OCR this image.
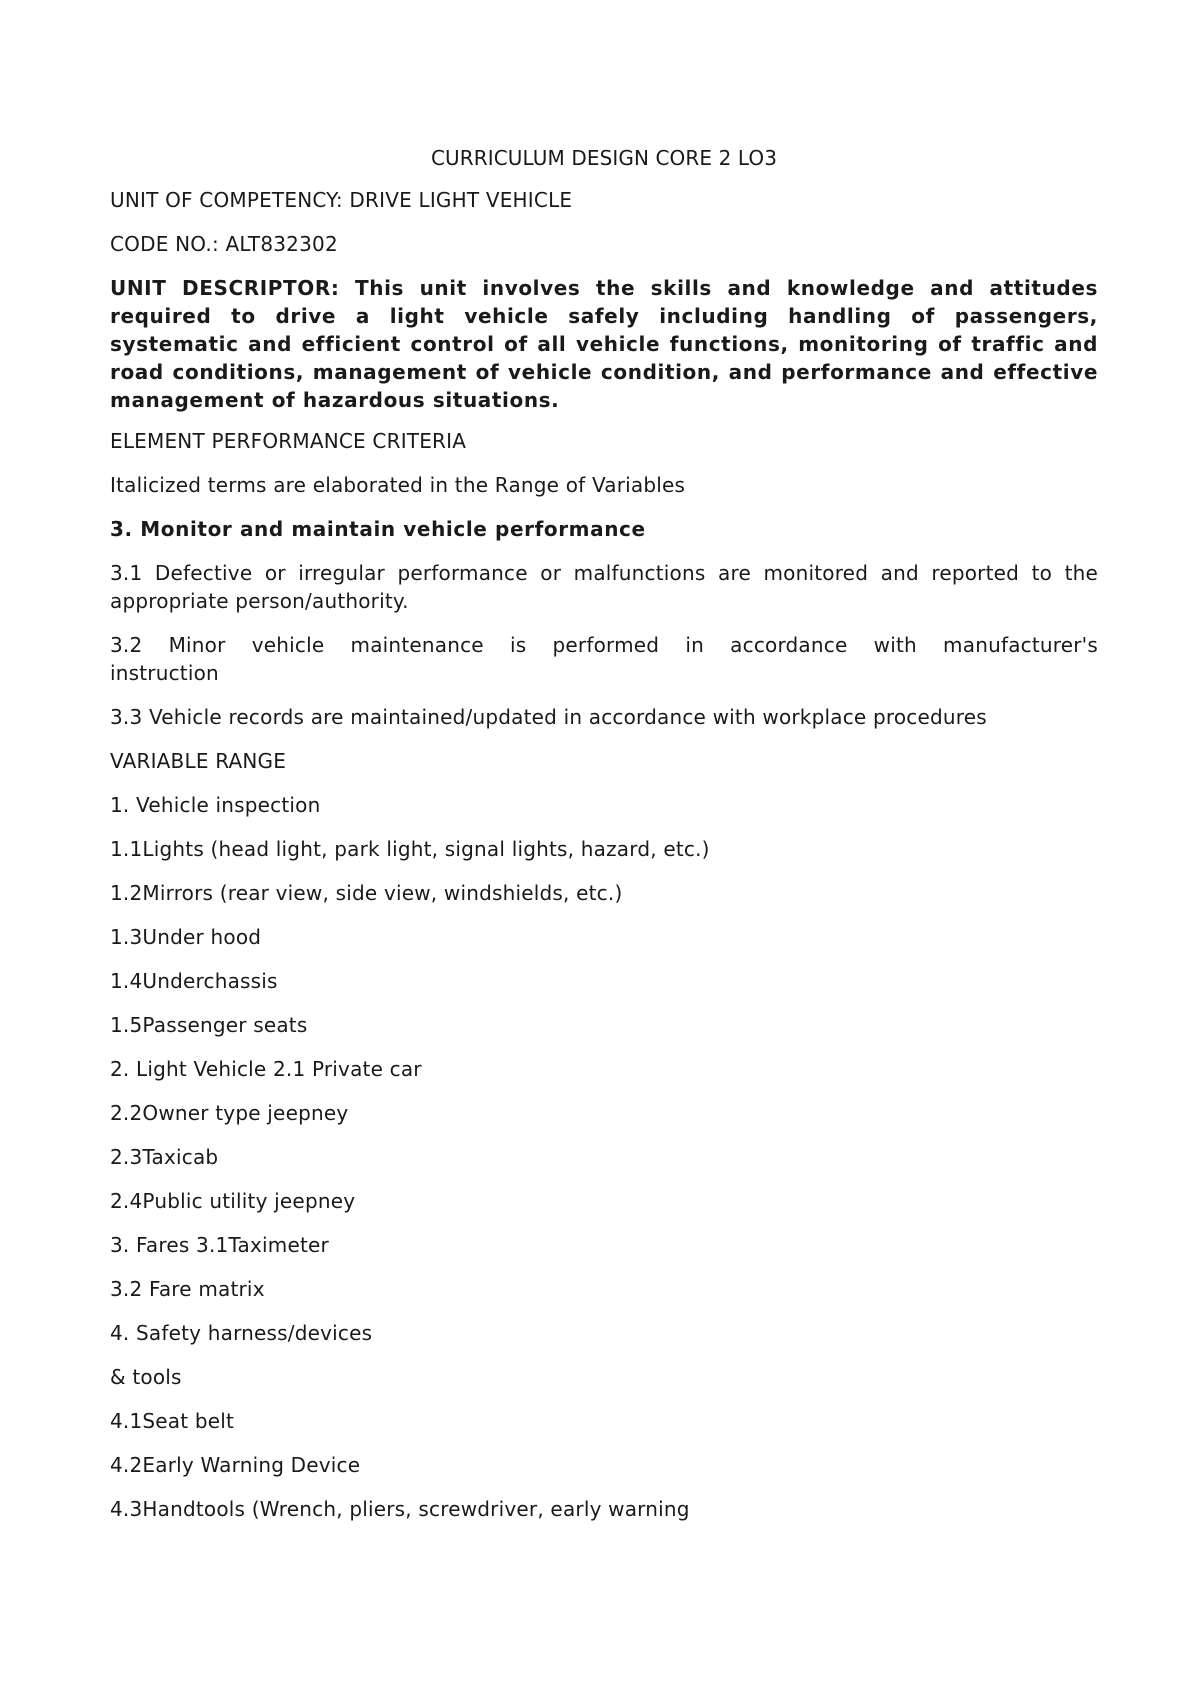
CURRICULUM DESIGN CORE 2 LO3
UNIT OF COMPETENCY: DRIVE LIGHT VEHICLE
CODE NO.: ALT832302
UNIT DESCRIPTOR: This unit involves the skills and knowledge and attitudes required to drive a light vehicle safely including handling of passengers, systematic and efficient control of all vehicle functions, monitoring of traffic and road conditions, management of vehicle condition, and performance and effective management of hazardous situations.
ELEMENT PERFORMANCE CRITERIA
Italicized terms are elaborated in the Range of Variables
3. Monitor and maintain vehicle performance
3.1 Defective or irregular performance or malfunctions are monitored and reported to the appropriate person/authority.
3.2 Minor vehicle maintenance is performed in accordance with manufacturer's instruction
3.3 Vehicle records are maintained/updated in accordance with workplace procedures
VARIABLE RANGE
1. Vehicle inspection
1.1Lights (head light, park light, signal lights, hazard, etc.)
1.2Mirrors (rear view, side view, windshields, etc.)
1.3Under hood
1.4Underchassis
1.5Passenger seats
2. Light Vehicle 2.1 Private car
2.2Owner type jeepney
2.3Taxicab
2.4Public utility jeepney
3. Fares 3.1Taximeter
3.2 Fare matrix
4. Safety harness/devices
& tools
4.1Seat belt
4.2Early Warning Device
4.3Handtools (Wrench, pliers, screwdriver, early warning
